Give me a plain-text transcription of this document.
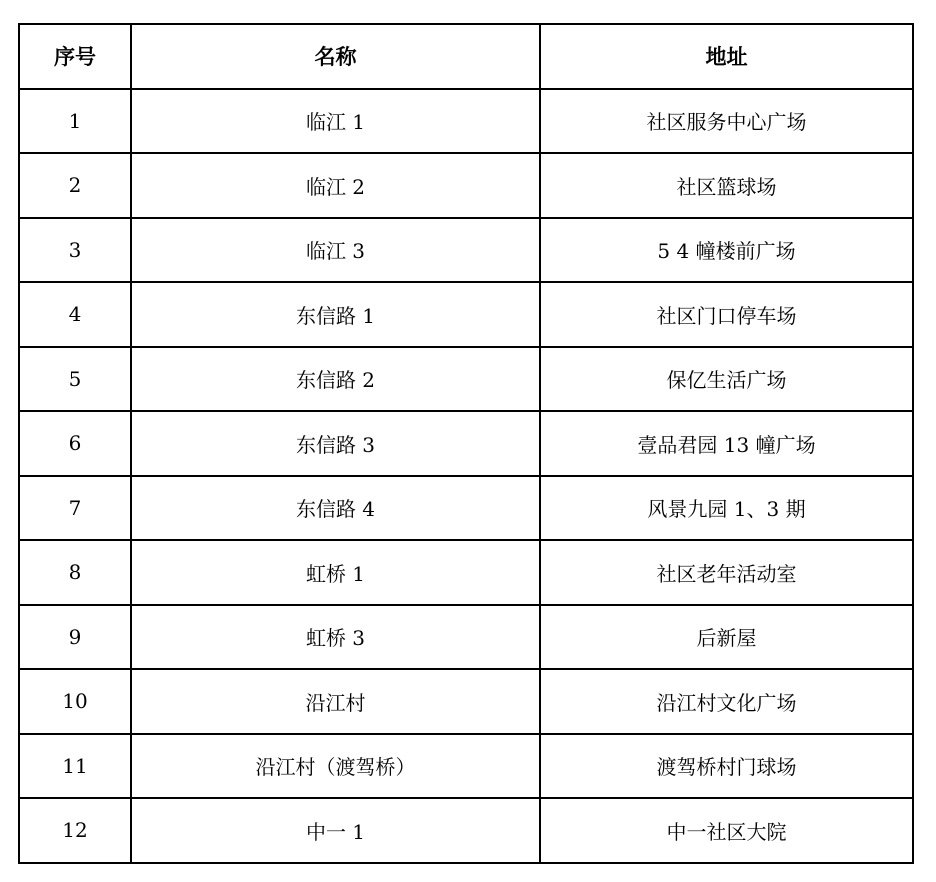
序号	名称	地址
1	临江 1	社区服务中心广场
2	临江 2	社区篮球场
3	临江 3	5 4 幢楼前广场
4	东信路 1	社区门口停车场
5	东信路 2	保亿生活广场
6	东信路 3	壹品君园 13 幢广场
7	东信路 4	风景九园 1、3 期
8	虹桥 1	社区老年活动室
9	虹桥 3	后新屋
10	沿江村	沿江村文化广场
11	沿江村（渡驾桥）	渡驾桥村门球场
12	中一 1	中一社区大院
